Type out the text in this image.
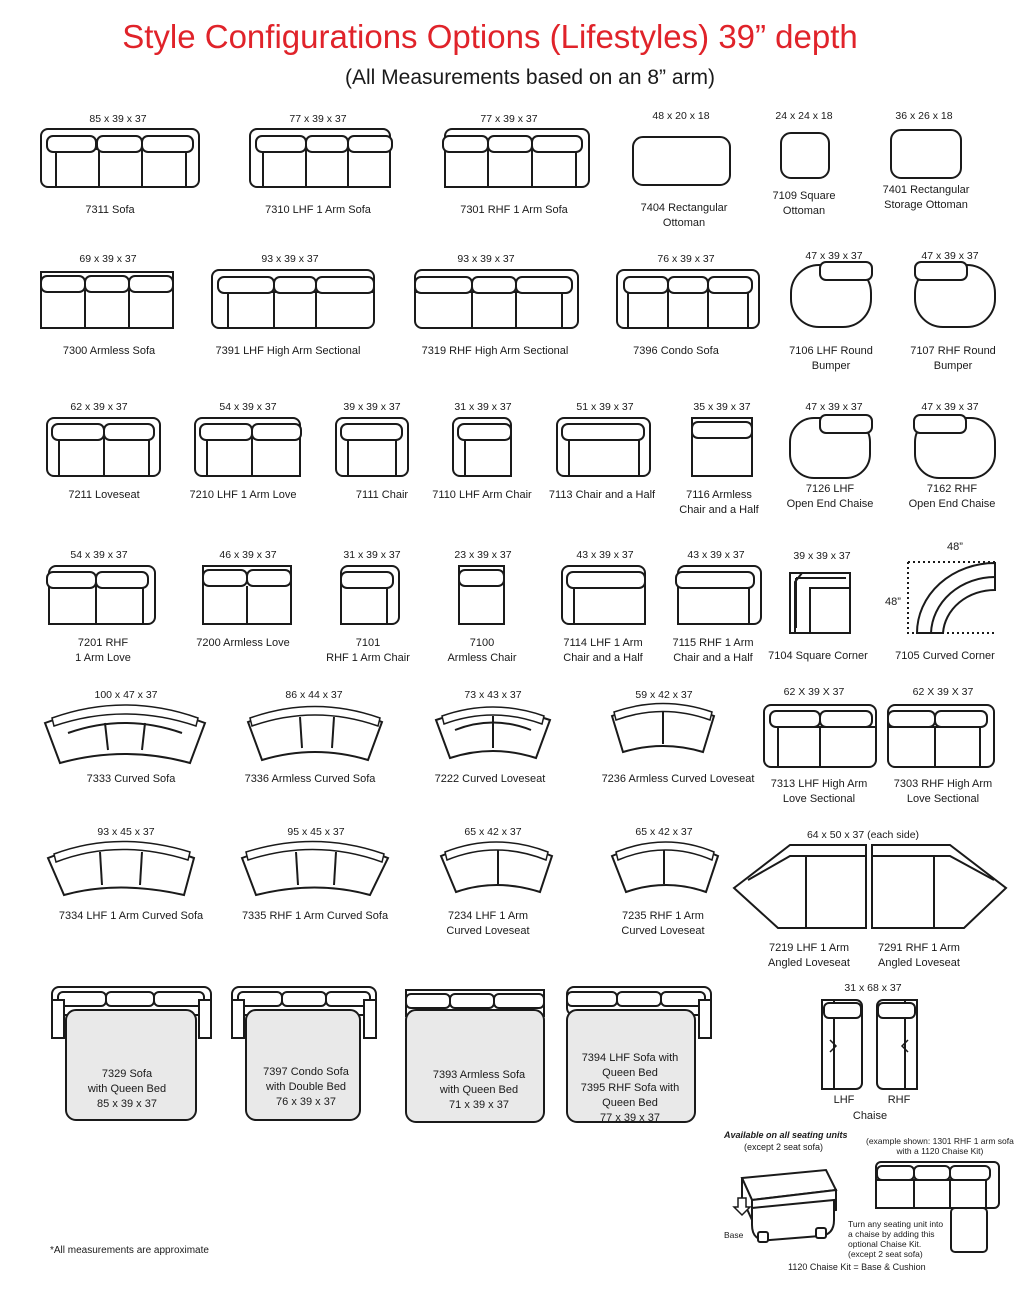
Style Configurations Options (Lifestyles) 39” depth
(All Measurements based on an 8” arm)
85 x 39 x 37
7311 Sofa
77 x 39 x 37
7310 LHF 1 Arm Sofa
77 x 39 x 37
7301 RHF 1 Arm Sofa
48 x 20 x 18
7404 Rectangular
Ottoman
24 x 24 x 18
7109 Square
Ottoman
36 x 26 x 18
7401 Rectangular
Storage Ottoman
69 x 39 x 37
7300 Armless Sofa
93 x 39 x 37
7391 LHF High Arm Sectional
93 x 39 x 37
7319 RHF High Arm Sectional
76 x 39 x 37
7396 Condo Sofa
47 x 39 x 37
7106 LHF Round
Bumper
47 x 39 x 37
7107 RHF Round
Bumper
62 x 39 x 37
7211 Loveseat
54 x 39 x 37
7210 LHF 1 Arm Love
39 x 39 x 37
7111 Chair
31 x 39 x 37
7110 LHF Arm Chair
51 x 39 x 37
7113 Chair and a Half
35 x 39 x 37
7116 Armless
Chair and a Half
47 x 39 x 37
7126 LHF
Open End Chaise
47 x 39 x 37
7162 RHF
Open End Chaise
54 x 39 x 37
7201 RHF
1 Arm Love
46 x 39 x 37
7200 Armless Love
31 x 39 x 37
7101
RHF 1 Arm Chair
23 x 39 x 37
7100
Armless Chair
43 x 39 x 37
7114 LHF 1 Arm
Chair and a Half
43 x 39 x 37
7115 RHF 1 Arm
Chair and a Half
39 x 39 x 37
7104 Square Corner
48”
48”
7105 Curved Corner
100 x 47 x 37
7333 Curved Sofa
86 x 44 x 37
7336 Armless Curved Sofa
73 x 43 x 37
7222 Curved Loveseat
59 x 42 x 37
7236 Armless Curved Loveseat
62 X 39 X 37
7313 LHF High Arm
Love Sectional
62 X 39 X 37
7303 RHF High Arm
Love Sectional
93 x 45 x 37
7334 LHF 1 Arm Curved Sofa
95 x 45 x 37
7335 RHF 1 Arm Curved Sofa
65 x 42 x 37
7234 LHF 1 Arm
Curved Loveseat
65 x 42 x 37
7235 RHF 1 Arm
Curved Loveseat
64 x 50 x 37 (each side)
7219 LHF 1 Arm
Angled Loveseat
7291 RHF 1 Arm
Angled Loveseat
7329 Sofa
with Queen Bed
85 x 39 x 37
7397 Condo Sofa
with Double Bed
76 x 39 x 37
7393 Armless Sofa
with Queen Bed
71 x 39 x 37
7394 LHF Sofa with
Queen Bed
7395 RHF Sofa with
Queen Bed
77 x 39 x 37
31 x 68 x 37
LHF	RHF
Chaise
Available on all seating units
(except 2 seat sofa)
(example shown: 1301 RHF 1 arm sofa
with a 1120 Chaise Kit)
Base
Turn any seating unit into
a chaise by adding this
optional Chaise Kit.
(except 2 seat sofa)
1120 Chaise Kit = Base & Cushion
*All measurements are approximate
